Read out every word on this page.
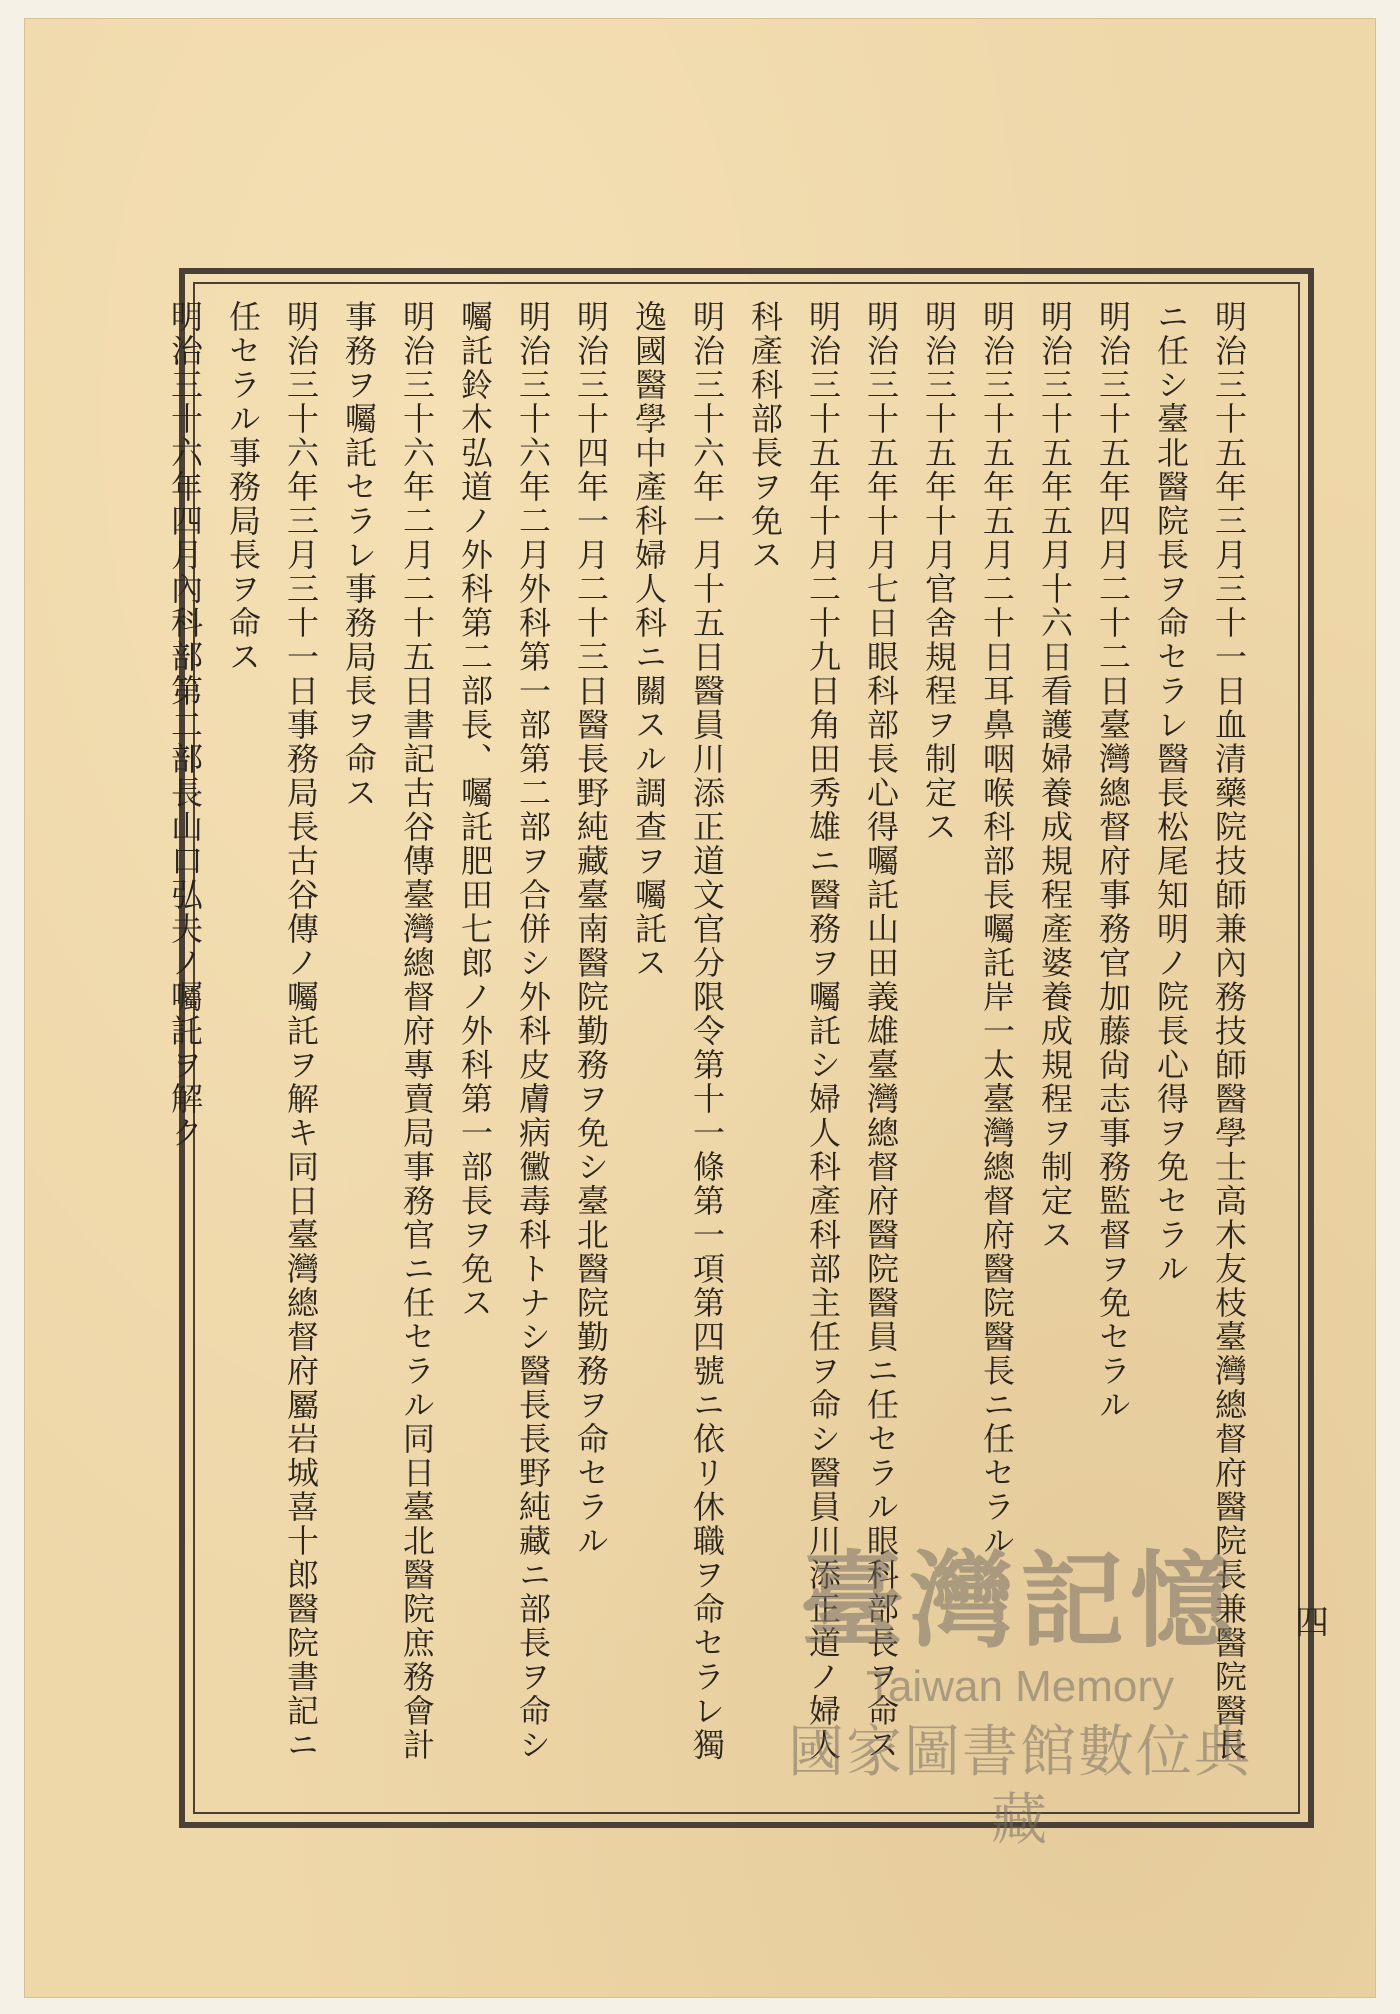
四

明治三十五年三月三十一日血清藥院技師兼內務技師醫學士高木友枝臺灣總督府醫院長兼醫院醫長ニ任シ臺北醫院長ヲ命セラレ醫長松尾知明ノ院長心得ヲ免セラル

明治三十五年四月二十二日臺灣總督府事務官加藤尙志事務監督ヲ免セラル

明治三十五年五月十六日看護婦養成規程產婆養成規程ヲ制定ス

明治三十五年五月二十日耳鼻咽喉科部長囑託岸一太臺灣總督府醫院醫長ニ任セラル

明治三十五年十月官舍規程ヲ制定ス

明治三十五年十月七日眼科部長心得囑託山田義雄臺灣總督府醫院醫員ニ任セラル眼科部長ヲ命ス

明治三十五年十月二十九日角田秀雄ニ醫務ヲ囑託シ婦人科產科部主任ヲ命シ醫員川添正道ノ婦人科產科部長ヲ免ス

明治三十六年一月十五日醫員川添正道文官分限令第十一條第一項第四號ニ依リ休職ヲ命セラレ獨逸國醫學中產科婦人科ニ關スル調查ヲ囑託ス

明治三十四年一月二十三日醫長野純藏臺南醫院勤務ヲ免シ臺北醫院勤務ヲ命セラル

明治三十六年二月外科第一部第二部ヲ合併シ外科皮膚病黴毒科トナシ醫長長野純藏ニ部長ヲ命シ囑託鈴木弘道ノ外科第二部長、囑託肥田七郎ノ外科第一部長ヲ免ス

明治三十六年二月二十五日書記古谷傳臺灣總督府專賣局事務官ニ任セラル同日臺北醫院庶務會計事務ヲ囑託セラレ事務局長ヲ命ス

明治三十六年三月三十一日事務局長古谷傳ノ囑託ヲ解キ同日臺灣總督府屬岩城喜十郎醫院書記ニ任セラル事務局長ヲ命ス

明治三十六年四月內科部第二部長山口弘夫ノ囑託ヲ解ク

臺灣記憶
Taiwan Memory
國家圖書館數位典藏
